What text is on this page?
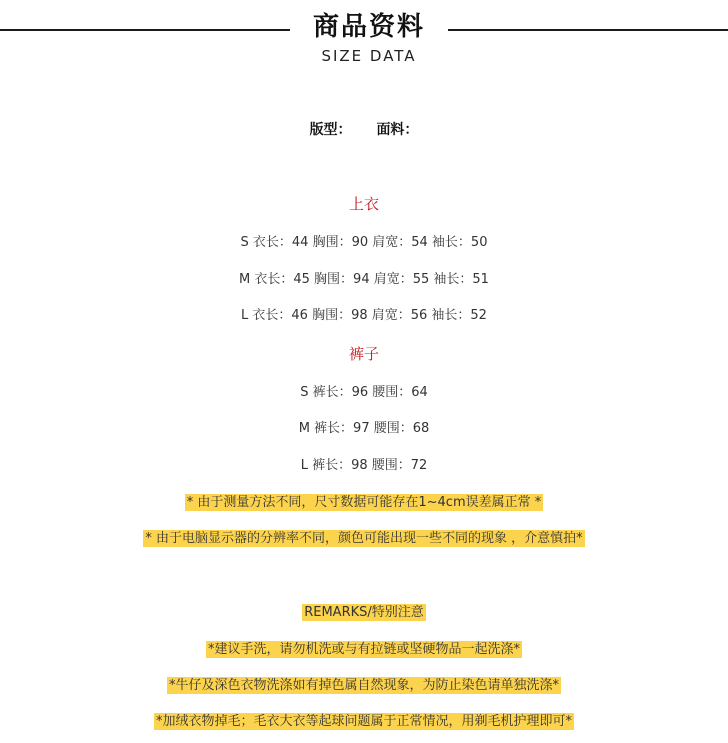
商品资料
SIZE DATA
版型： 面料：
上衣
S 衣长：44 胸围：90 肩宽：54 袖长：50
M 衣长：45 胸围：94 肩宽：55 袖长：51
L 衣长：46 胸围：98 肩宽：56 袖长：52
裤子
S 裤长：96 腰围：64
M 裤长：97 腰围：68
L 裤长：98 腰围：72
* 由于测量方法不同，尺寸数据可能存在1~4cm误差属正常 *
* 由于电脑显示器的分辨率不同，颜色可能出现一些不同的现象 ，介意慎拍*
REMARKS/特别注意
*建议手洗，请勿机洗或与有拉链或坚硬物品一起洗涤*
*牛仔及深色衣物洗涤如有掉色属自然现象，为防止染色请单独洗涤*
*加绒衣物掉毛；毛衣大衣等起球问题属于正常情况，用剃毛机护理即可*
